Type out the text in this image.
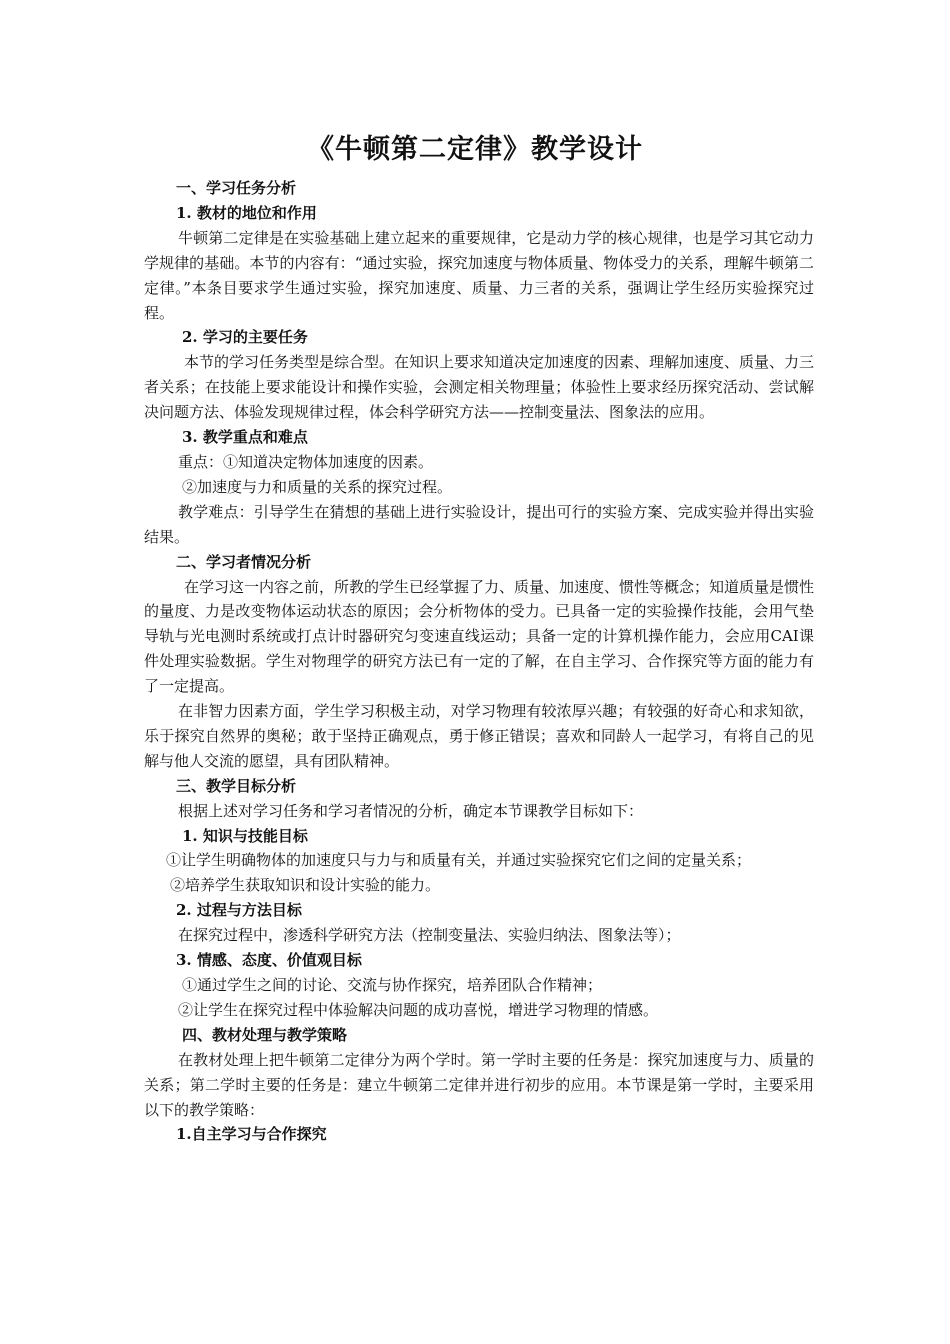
《牛顿第二定律》教学设计

一、学习任务分析

1. 教材的地位和作用

牛顿第二定律是在实验基础上建立起来的重要规律，它是动力学的核心规律，也是学习其它动力学规律的基础。本节的内容有：“通过实验，探究加速度与物体质量、物体受力的关系，理解牛顿第二定律。”本条目要求学生通过实验，探究加速度、质量、力三者的关系，强调让学生经历实验探究过程。

2. 学习的主要任务

本节的学习任务类型是综合型。在知识上要求知道决定加速度的因素、理解加速度、质量、力三者关系；在技能上要求能设计和操作实验，会测定相关物理量；体验性上要求经历探究活动、尝试解决问题方法、体验发现规律过程，体会科学研究方法——控制变量法、图象法的应用。

3. 教学重点和难点

重点：①知道决定物体加速度的因素。

②加速度与力和质量的关系的探究过程。

教学难点：引导学生在猜想的基础上进行实验设计，提出可行的实验方案、完成实验并得出实验结果。

二、学习者情况分析

在学习这一内容之前，所教的学生已经掌握了力、质量、加速度、惯性等概念；知道质量是惯性的量度、力是改变物体运动状态的原因；会分析物体的受力。已具备一定的实验操作技能，会用气垫导轨与光电测时系统或打点计时器研究匀变速直线运动；具备一定的计算机操作能力，会应用CAI课件处理实验数据。学生对物理学的研究方法已有一定的了解，在自主学习、合作探究等方面的能力有了一定提高。

在非智力因素方面，学生学习积极主动，对学习物理有较浓厚兴趣；有较强的好奇心和求知欲，乐于探究自然界的奥秘；敢于坚持正确观点，勇于修正错误；喜欢和同龄人一起学习，有将自己的见解与他人交流的愿望，具有团队精神。

三、教学目标分析

根据上述对学习任务和学习者情况的分析，确定本节课教学目标如下：

1. 知识与技能目标

①让学生明确物体的加速度只与力与和质量有关，并通过实验探究它们之间的定量关系；

②培养学生获取知识和设计实验的能力。

2. 过程与方法目标

在探究过程中，渗透科学研究方法（控制变量法、实验归纳法、图象法等）；

3. 情感、态度、价值观目标

①通过学生之间的讨论、交流与协作探究，培养团队合作精神；

②让学生在探究过程中体验解决问题的成功喜悦，增进学习物理的情感。

四、教材处理与教学策略

在教材处理上把牛顿第二定律分为两个学时。第一学时主要的任务是：探究加速度与力、质量的关系；第二学时主要的任务是：建立牛顿第二定律并进行初步的应用。本节课是第一学时，主要采用以下的教学策略：

1.自主学习与合作探究
